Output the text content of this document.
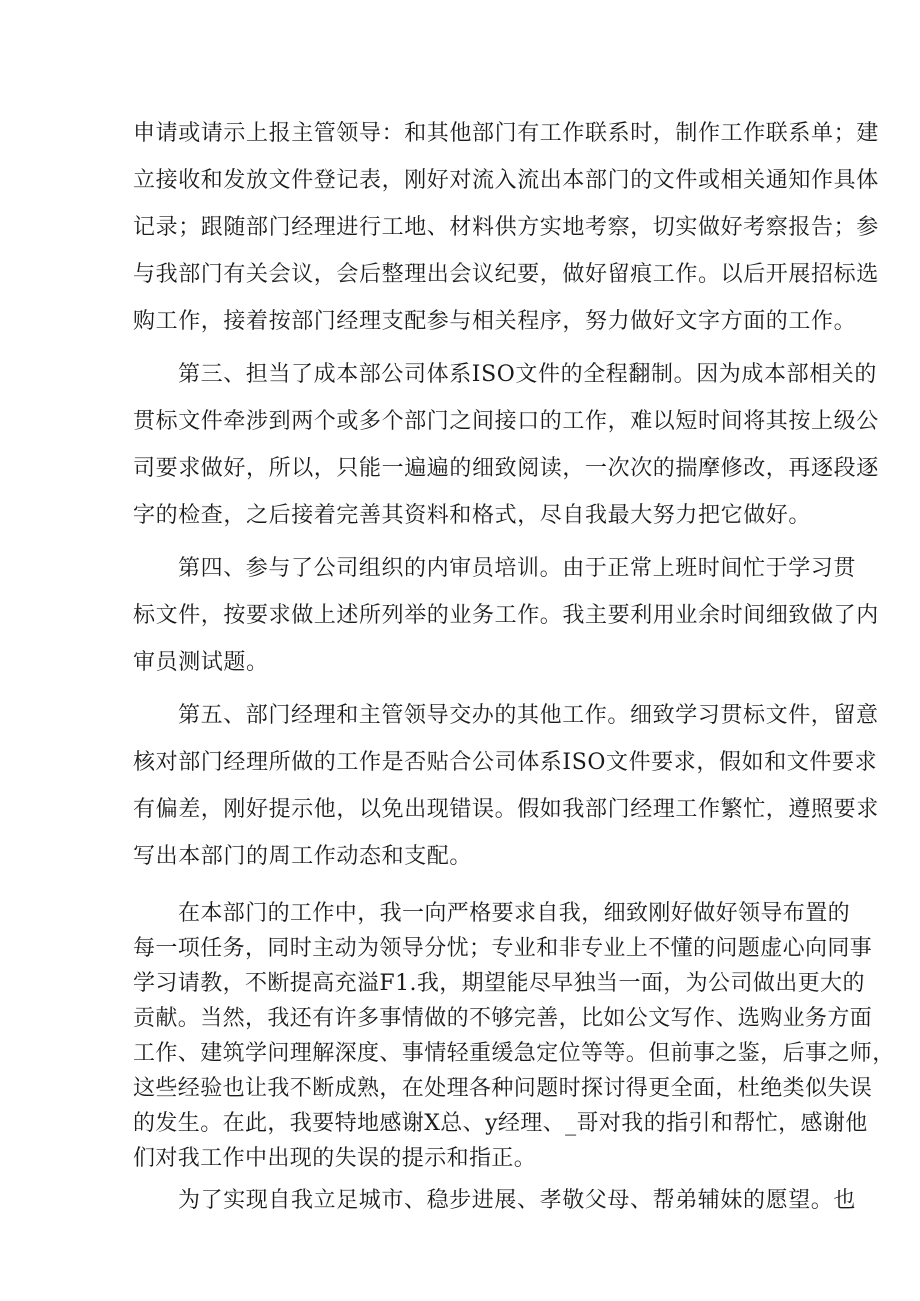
申请或请示上报主管领导：和其他部门有工作联系时，制作工作联系单；建
立接收和发放文件登记表，刚好对流入流出本部门的文件或相关通知作具体
记录；跟随部门经理进行工地、材料供方实地考察，切实做好考察报告；参
与我部门有关会议，会后整理出会议纪要，做好留痕工作。以后开展招标选
购工作，接着按部门经理支配参与相关程序，努力做好文字方面的工作。
第三、担当了成本部公司体系ISO文件的全程翻制。因为成本部相关的
贯标文件牵涉到两个或多个部门之间接口的工作，难以短时间将其按上级公
司要求做好，所以，只能一遍遍的细致阅读，一次次的揣摩修改，再逐段逐
字的检查，之后接着完善其资料和格式，尽自我最大努力把它做好。
第四、参与了公司组织的内审员培训。由于正常上班时间忙于学习贯
标文件，按要求做上述所列举的业务工作。我主要利用业余时间细致做了内
审员测试题。
第五、部门经理和主管领导交办的其他工作。细致学习贯标文件，留意
核对部门经理所做的工作是否贴合公司体系ISO文件要求，假如和文件要求
有偏差，刚好提示他，以免出现错误。假如我部门经理工作繁忙，遵照要求
写出本部门的周工作动态和支配。
在本部门的工作中，我一向严格要求自我，细致刚好做好领导布置的
每一项任务，同时主动为领导分忧；专业和非专业上不懂的问题虚心向同事
学习请教，不断提高充溢F1.我，期望能尽早独当一面，为公司做出更大的
贡献。当然，我还有许多事情做的不够完善，比如公文写作、选购业务方面
工作、建筑学问理解深度、事情轻重缓急定位等等。但前事之鉴，后事之师，
这些经验也让我不断成熟，在处理各种问题时探讨得更全面，杜绝类似失误
的发生。在此，我要特地感谢X总、y经理、_哥对我的指引和帮忙，感谢他
们对我工作中出现的失误的提示和指正。
为了实现自我立足城市、稳步进展、孝敬父母、帮弟辅妹的愿望。也
